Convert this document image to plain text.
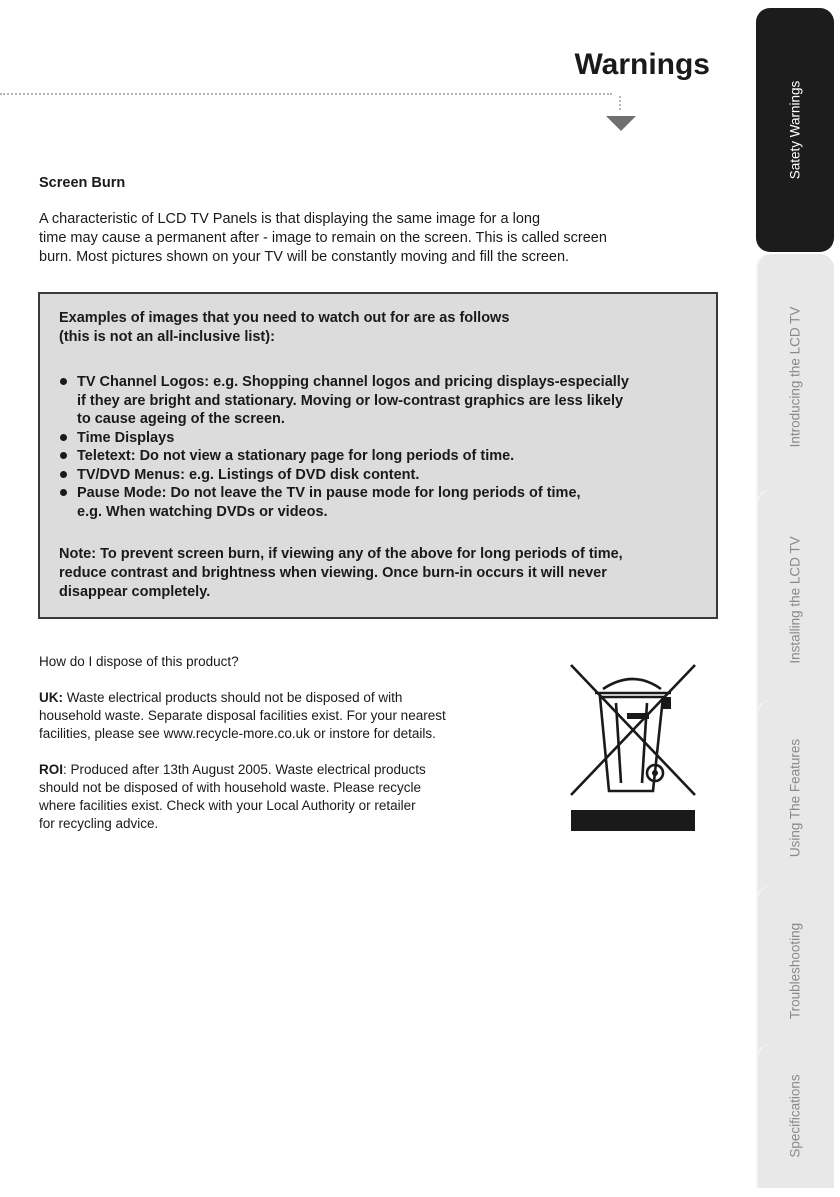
Warnings
Screen Burn

A characteristic of LCD TV Panels is that displaying the same image for a long
time may cause a permanent after - image to remain on the screen. This is called screen
burn. Most pictures shown on your TV will be constantly moving and fill the screen.

Examples of images that you need to watch out for are as follows
(this is not an all-inclusive list):

TV Channel Logos: e.g. Shopping channel logos and pricing displays-especially
if they are bright and stationary. Moving or low-contrast graphics are less likely
to cause ageing of the screen.
Time Displays
Teletext: Do not view a stationary page for long periods of time.
TV/DVD Menus: e.g. Listings of DVD disk content.
Pause Mode: Do not leave the TV in pause mode for long periods of time,
e.g. When watching DVDs or videos.

Note: To prevent screen burn, if viewing any of the above for long periods of time,
reduce contrast and brightness when viewing. Once burn-in occurs it will never
disappear completely.

How do I dispose of this product?
UK: Waste electrical products should not be disposed of with
household waste. Separate disposal facilities exist. For your nearest
facilities, please see www.recycle-more.co.uk or instore for details.
ROI: Produced after 13th August 2005. Waste electrical products
should not be disposed of with household waste. Please recycle
where facilities exist. Check with your Local Authority or retailer
for recycling advice.
Satety Warnings
Introducing the LCD TV
Installing the LCD TV
Using The Features
Troubleshooting
Specifications
